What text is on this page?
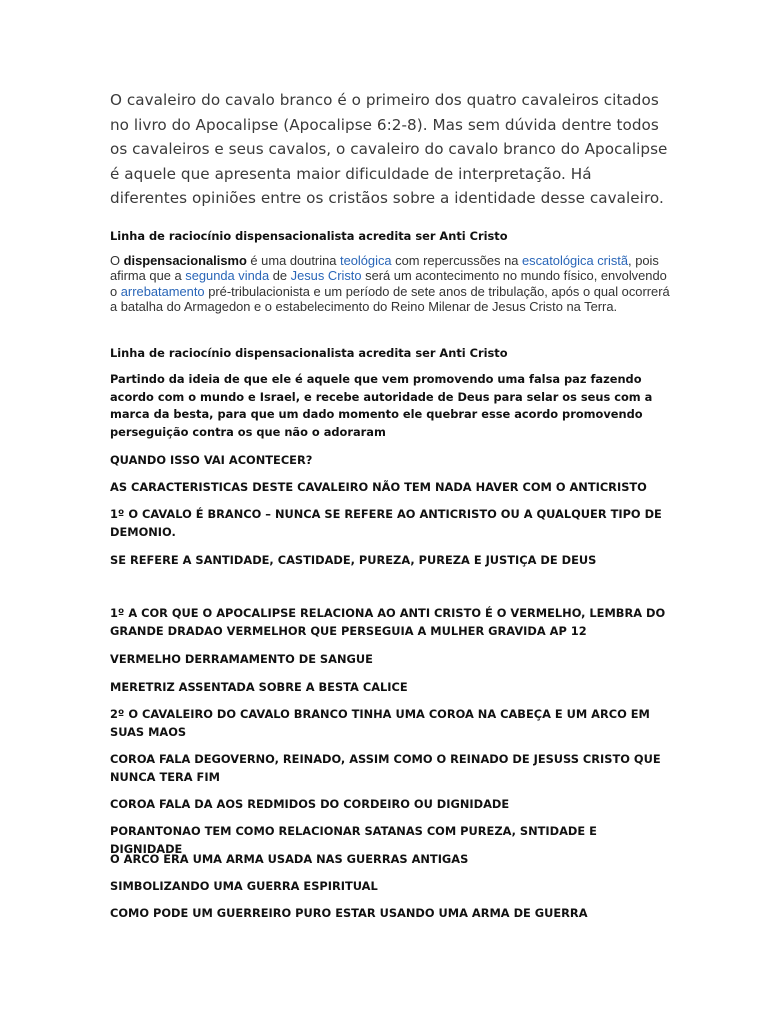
O cavaleiro do cavalo branco é o primeiro dos quatro cavaleiros citados no livro do Apocalipse (Apocalipse 6:2-8). Mas sem dúvida dentre todos os cavaleiros e seus cavalos, o cavaleiro do cavalo branco do Apocalipse é aquele que apresenta maior dificuldade de interpretação. Há diferentes opiniões entre os cristãos sobre a identidade desse cavaleiro.

Linha de raciocínio dispensacionalista acredita ser Anti Cristo

O dispensacionalismo é uma doutrina teológica com repercussões na escatológica cristã, pois afirma que a segunda vinda de Jesus Cristo será um acontecimento no mundo físico, envolvendo o arrebatamento pré-tribulacionista e um período de sete anos de tribulação, após o qual ocorrerá a batalha do Armagedon e o estabelecimento do Reino Milenar de Jesus Cristo na Terra.

Linha de raciocínio dispensacionalista acredita ser Anti Cristo
Partindo da ideia de que ele é aquele que vem promovendo uma falsa paz fazendo acordo com o mundo e Israel, e recebe autoridade de Deus para selar os seus com a marca da besta, para que um dado momento ele quebrar esse acordo promovendo perseguição contra os que não o adoraram
QUANDO ISSO VAI ACONTECER?
AS CARACTERISTICAS DESTE CAVALEIRO NÃO TEM NADA HAVER COM O ANTICRISTO
1º O CAVALO É BRANCO – NUNCA SE REFERE AO ANTICRISTO OU A QUALQUER TIPO DE DEMONIO.
SE REFERE A SANTIDADE, CASTIDADE, PUREZA, PUREZA E JUSTIÇA DE DEUS
1º A COR QUE O APOCALIPSE RELACIONA AO ANTI CRISTO É O VERMELHO, LEMBRA DO GRANDE DRADAO VERMELHOR QUE PERSEGUIA A MULHER GRAVIDA AP 12
VERMELHO DERRAMAMENTO DE SANGUE
MERETRIZ ASSENTADA SOBRE A BESTA CALICE
2º O CAVALEIRO DO CAVALO BRANCO TINHA UMA COROA NA CABEÇA E UM ARCO EM SUAS MAOS
COROA FALA DEGOVERNO, REINADO, ASSIM COMO O REINADO DE JESUSS CRISTO QUE NUNCA TERA FIM
COROA FALA DA AOS REDMIDOS DO CORDEIRO OU DIGNIDADE
PORANTONAO TEM COMO RELACIONAR SATANAS COM PUREZA, SNTIDADE E DIGNIDADE
O ARCO ERA UMA ARMA USADA NAS GUERRAS ANTIGAS
SIMBOLIZANDO UMA GUERRA ESPIRITUAL
COMO PODE UM GUERREIRO PURO ESTAR USANDO UMA ARMA DE GUERRA
